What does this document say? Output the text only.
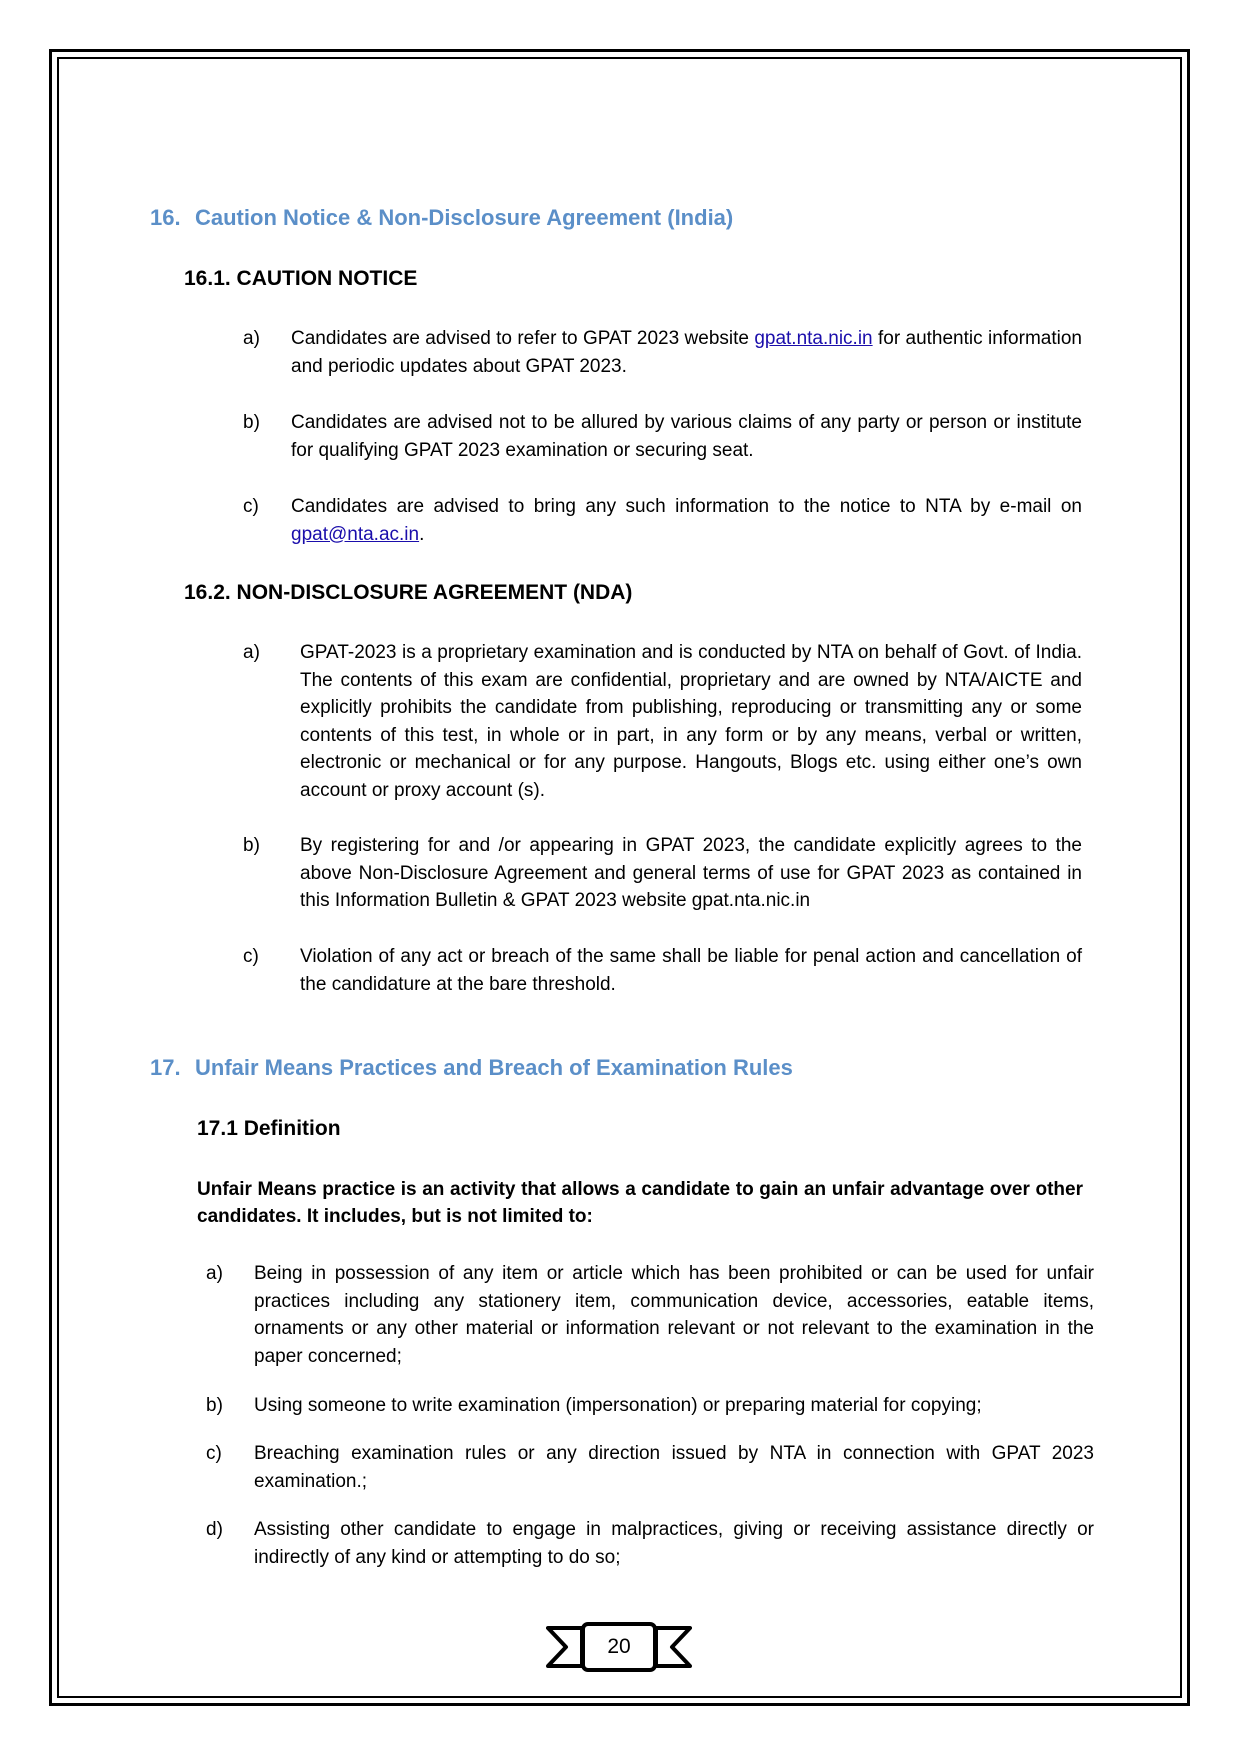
16. Caution Notice & Non-Disclosure Agreement (India)
16.1. CAUTION NOTICE
a) Candidates are advised to refer to GPAT 2023 website gpat.nta.nic.in for authentic information and periodic updates about GPAT 2023.
b) Candidates are advised not to be allured by various claims of any party or person or institute for qualifying GPAT 2023 examination or securing seat.
c) Candidates are advised to bring any such information to the notice to NTA by e-mail on gpat@nta.ac.in.
16.2. NON-DISCLOSURE AGREEMENT (NDA)
a) GPAT-2023 is a proprietary examination and is conducted by NTA on behalf of Govt. of India. The contents of this exam are confidential, proprietary and are owned by NTA/AICTE and explicitly prohibits the candidate from publishing, reproducing or transmitting any or some contents of this test, in whole or in part, in any form or by any means, verbal or written, electronic or mechanical or for any purpose. Hangouts, Blogs etc. using either one’s own account or proxy account (s).
b) By registering for and /or appearing in GPAT 2023, the candidate explicitly agrees to the above Non-Disclosure Agreement and general terms of use for GPAT 2023 as contained in this Information Bulletin & GPAT 2023 website gpat.nta.nic.in
c) Violation of any act or breach of the same shall be liable for penal action and cancellation of the candidature at the bare threshold.
17. Unfair Means Practices and Breach of Examination Rules
17.1 Definition
Unfair Means practice is an activity that allows a candidate to gain an unfair advantage over other candidates. It includes, but is not limited to:
a) Being in possession of any item or article which has been prohibited or can be used for unfair practices including any stationery item, communication device, accessories, eatable items, ornaments or any other material or information relevant or not relevant to the examination in the paper concerned;
b) Using someone to write examination (impersonation) or preparing material for copying;
c) Breaching examination rules or any direction issued by NTA in connection with GPAT 2023 examination.;
d) Assisting other candidate to engage in malpractices, giving or receiving assistance directly or indirectly of any kind or attempting to do so;
20
